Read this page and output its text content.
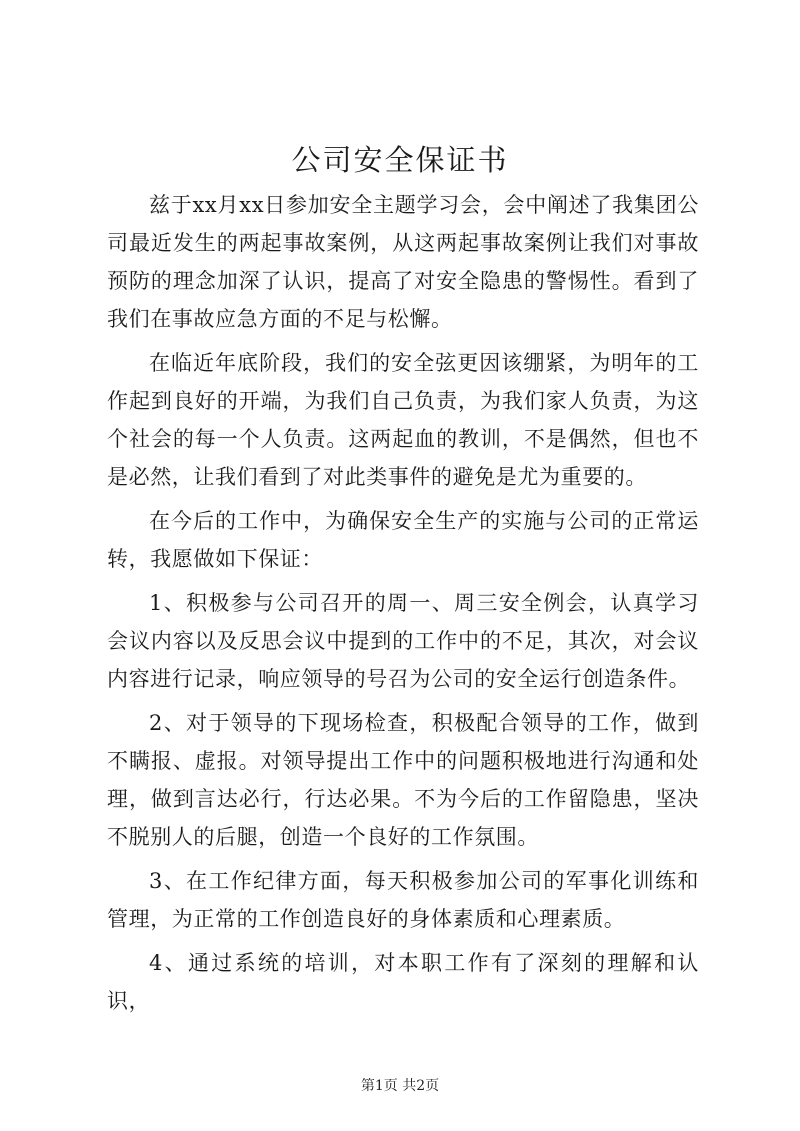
公司安全保证书

兹于xx月xx日参加安全主题学习会，会中阐述了我集团公司最近发生的两起事故案例，从这两起事故案例让我们对事故预防的理念加深了认识，提高了对安全隐患的警惕性。看到了我们在事故应急方面的不足与松懈。

在临近年底阶段，我们的安全弦更因该绷紧，为明年的工作起到良好的开端，为我们自己负责，为我们家人负责，为这个社会的每一个人负责。这两起血的教训，不是偶然，但也不是必然，让我们看到了对此类事件的避免是尤为重要的。

在今后的工作中，为确保安全生产的实施与公司的正常运转，我愿做如下保证：

1、积极参与公司召开的周一、周三安全例会，认真学习会议内容以及反思会议中提到的工作中的不足，其次，对会议内容进行记录，响应领导的号召为公司的安全运行创造条件。

2、对于领导的下现场检查，积极配合领导的工作，做到不瞒报、虚报。对领导提出工作中的问题积极地进行沟通和处理，做到言达必行，行达必果。不为今后的工作留隐患，坚决不脱别人的后腿，创造一个良好的工作氛围。

3、在工作纪律方面，每天积极参加公司的军事化训练和管理，为正常的工作创造良好的身体素质和心理素质。

4、通过系统的培训，对本职工作有了深刻的理解和认识，

第1页 共2页
